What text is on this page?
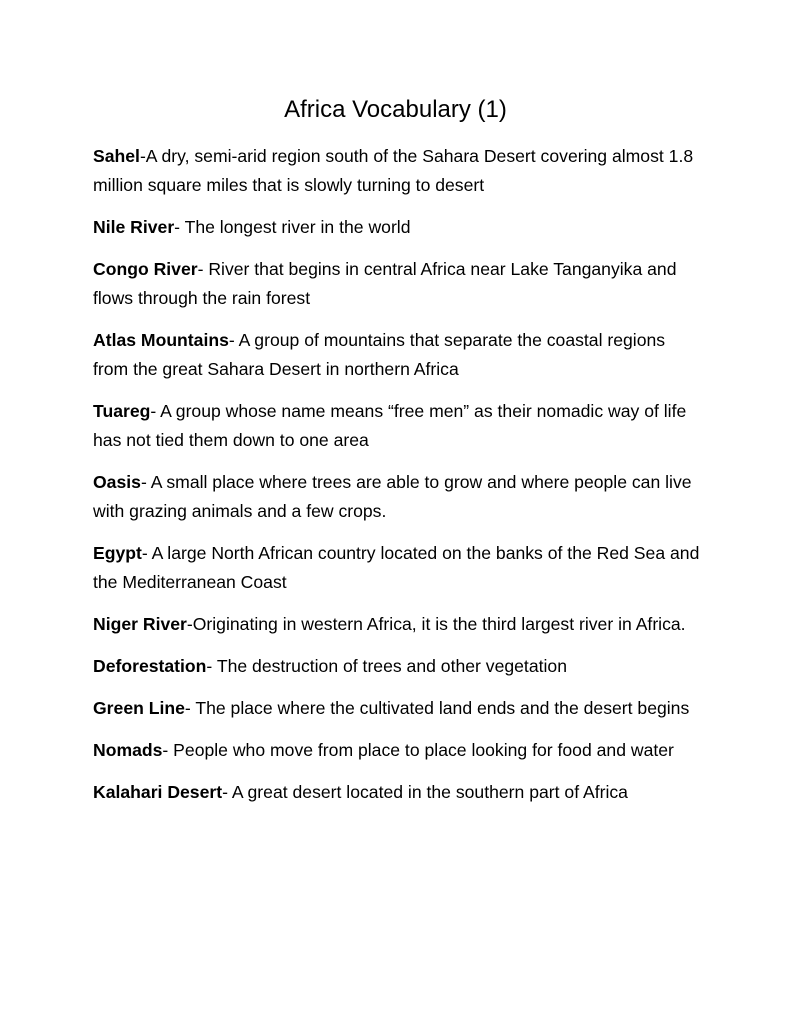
Africa Vocabulary (1)
Sahel-A dry, semi-arid region south of the Sahara Desert covering almost 1.8 million square miles that is slowly turning to desert
Nile River- The longest river in the world
Congo River- River that begins in central Africa near Lake Tanganyika and flows through the rain forest
Atlas Mountains- A group of mountains that separate the coastal regions from the great Sahara Desert in northern Africa
Tuareg- A group whose name means “free men” as their nomadic way of life has not tied them down to one area
Oasis- A small place where trees are able to grow and where people can live with grazing animals and a few crops.
Egypt- A large North African country located on the banks of the Red Sea and the Mediterranean Coast
Niger River-Originating in western Africa, it is the third largest river in Africa.
Deforestation- The destruction of trees and other vegetation
Green Line- The place where the cultivated land ends and the desert begins
Nomads- People who move from place to place looking for food and water
Kalahari Desert- A great desert located in the southern part of Africa
